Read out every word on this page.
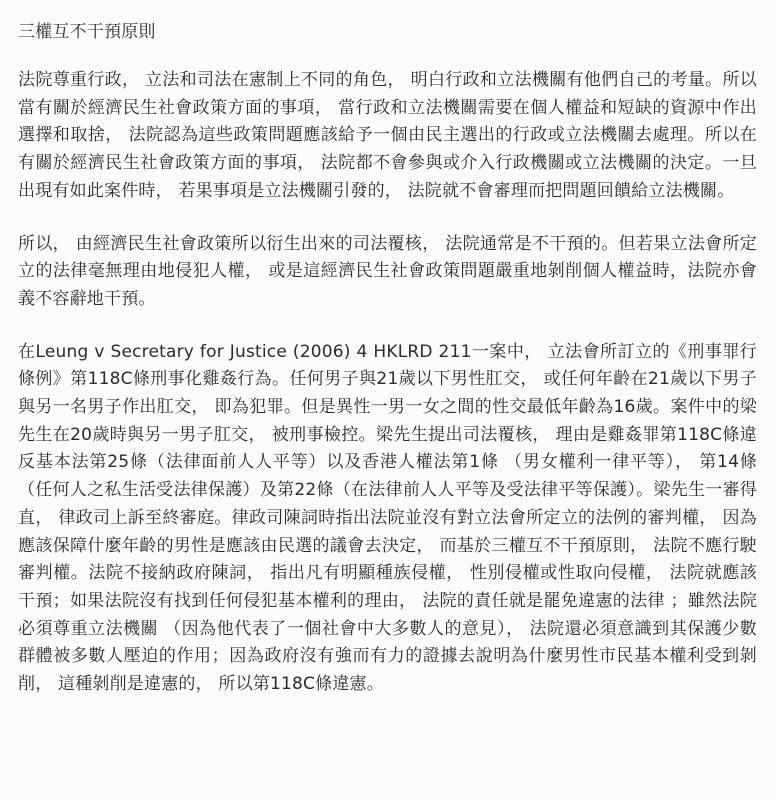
三權互不干預原則
法院尊重行政， 立法和司法在憲制上不同的角色， 明白行政和立法機關有他們自己的考量。所以當有關於經濟民生社會政策方面的事項， 當行政和立法機關需要在個人權益和短缺的資源中作出選擇和取捨， 法院認為這些政策問題應該給予一個由民主選出的行政或立法機關去處理。所以在有關於經濟民生社會政策方面的事項， 法院都不會參與或介入行政機關或立法機關的決定。一旦出現有如此案件時， 若果事項是立法機關引發的， 法院就不會審理而把問題回饋給立法機關。
所以， 由經濟民生社會政策所以衍生出來的司法覆核， 法院通常是不干預的。但若果立法會所定立的法律毫無理由地侵犯人權， 或是這經濟民生社會政策問題嚴重地剝削個人權益時，法院亦會義不容辭地干預。
在Leung v Secretary for Justice (2006) 4 HKLRD 211一案中， 立法會所訂立的《刑事罪行條例》第118C條刑事化雞姦行為。任何男子與21歲以下男性肛交， 或任何年齡在21歲以下男子與另一名男子作出肛交， 即為犯罪。但是異性一男一女之間的性交最低年齡為16歲。案件中的梁先生在20歲時與另一男子肛交， 被刑事檢控。梁先生提出司法覆核， 理由是雞姦罪第118C條違反基本法第25條（法律面前人人平等）以及香港人權法第1條 （男女權利一律平等）， 第14條（任何人之私生活受法律保護）及第22條（在法律前人人平等及受法律平等保護）。梁先生一審得直， 律政司上訴至終審庭。律政司陳詞時指出法院並沒有對立法會所定立的法例的審判權， 因為應該保障什麼年齡的男性是應該由民選的議會去決定， 而基於三權互不干預原則， 法院不應行駛審判權。法院不接納政府陳詞， 指出凡有明顯種族侵權， 性別侵權或性取向侵權， 法院就應該干預；如果法院沒有找到任何侵犯基本權利的理由， 法院的責任就是罷免違憲的法律 ；雖然法院必須尊重立法機關 （因為他代表了一個社會中大多數人的意見）， 法院還必須意識到其保護少數群體被多數人壓迫的作用；因為政府沒有強而有力的證據去說明為什麼男性市民基本權利受到剝削， 這種剝削是違憲的， 所以第118C條違憲。
